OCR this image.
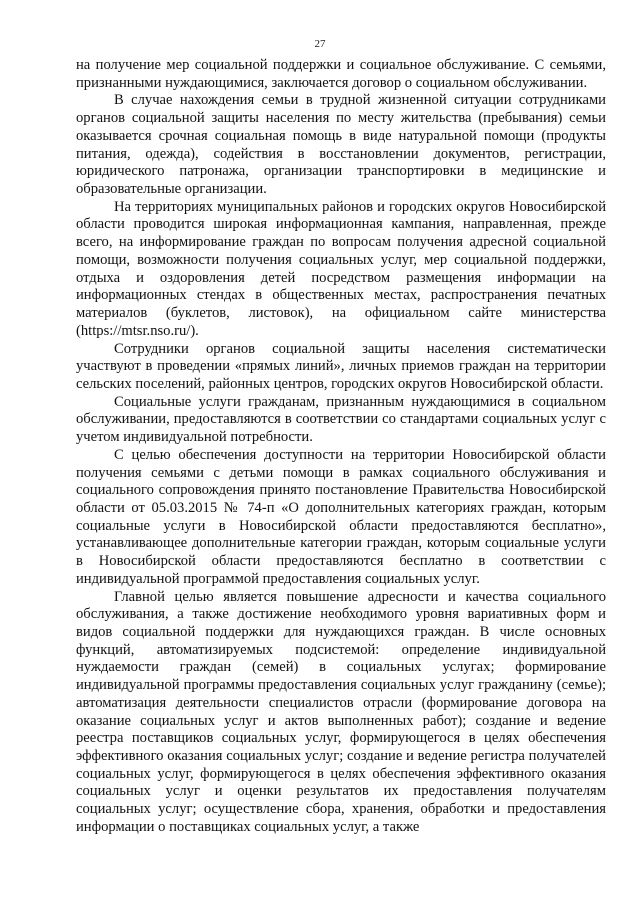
27

на получение мер социальной поддержки и социальное обслуживание. С семьями, признанными нуждающимися, заключается договор о социальном обслуживании.

В случае нахождения семьи в трудной жизненной ситуации сотрудниками органов социальной защиты населения по месту жительства (пребывания) семьи оказывается срочная социальная помощь в виде натуральной помощи (продукты питания, одежда), содействия в восстановлении документов, регистрации, юридического патронажа, организации транспортировки в медицинские и образовательные организации.

На территориях муниципальных районов и городских округов Новосибирской области проводится широкая информационная кампания, направленная, прежде всего, на информирование граждан по вопросам получения адресной социальной помощи, возможности получения социальных услуг, мер социальной поддержки, отдыха и оздоровления детей посредством размещения информации на информационных стендах в общественных местах, распространения печатных материалов (буклетов, листовок), на официальном сайте министерства (https://mtsr.nso.ru/).

Сотрудники органов социальной защиты населения систематически участвуют в проведении «прямых линий», личных приемов граждан на территории сельских поселений, районных центров, городских округов Новосибирской области.

Социальные услуги гражданам, признанным нуждающимися в социальном обслуживании, предоставляются в соответствии со стандартами социальных услуг с учетом индивидуальной потребности.

С целью обеспечения доступности на территории Новосибирской области получения семьями с детьми помощи в рамках социального обслуживания и социального сопровождения принято постановление Правительства Новосибирской области от 05.03.2015 № 74-п «О дополнительных категориях граждан, которым социальные услуги в Новосибирской области предоставляются бесплатно», устанавливающее дополнительные категории граждан, которым социальные услуги в Новосибирской области предоставляются бесплатно в соответствии с индивидуальной программой предоставления социальных услуг.

Главной целью является повышение адресности и качества социального обслуживания, а также достижение необходимого уровня вариативных форм и видов социальной поддержки для нуждающихся граждан. В числе основных функций, автоматизируемых подсистемой: определение индивидуальной нуждаемости граждан (семей) в социальных услугах; формирование индивидуальной программы предоставления социальных услуг гражданину (семье); автоматизация деятельности специалистов отрасли (формирование договора на оказание социальных услуг и актов выполненных работ); создание и ведение реестра поставщиков социальных услуг, формирующегося в целях обеспечения эффективного оказания социальных услуг; создание и ведение регистра получателей социальных услуг, формирующегося в целях обеспечения эффективного оказания социальных услуг и оценки результатов их предоставления получателям социальных услуг; осуществление сбора, хранения, обработки и предоставления информации о поставщиках социальных услуг, а также
